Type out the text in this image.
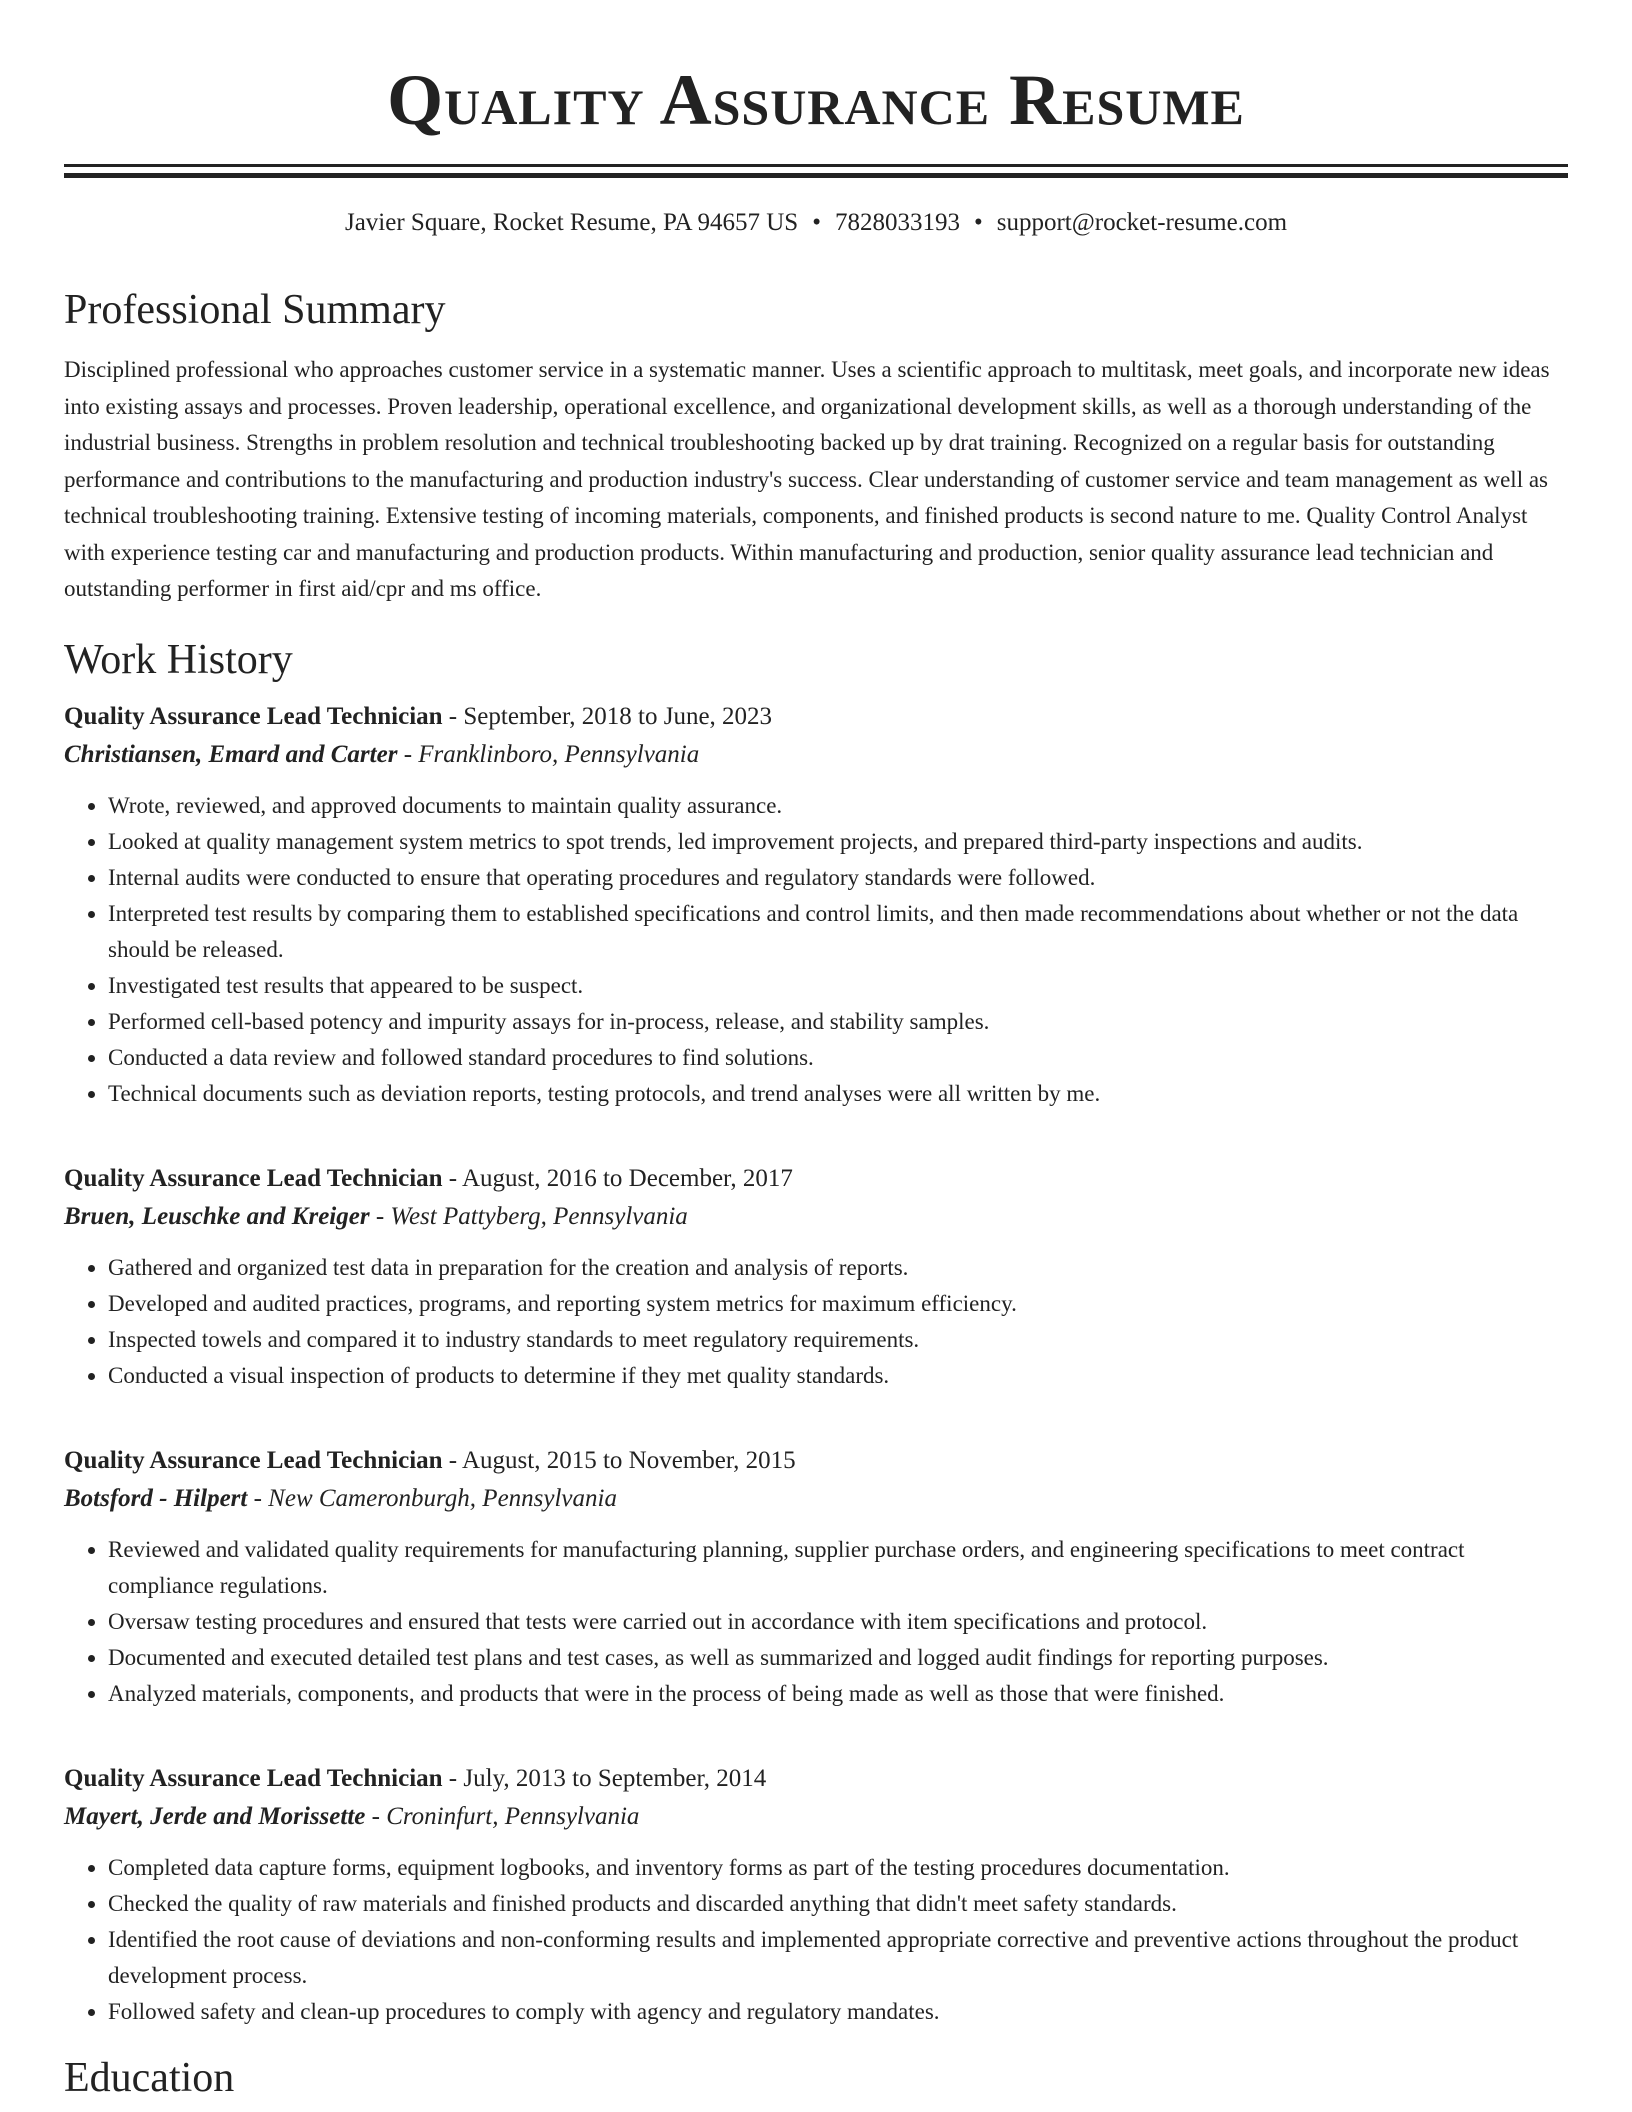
Quality Assurance Resume
Javier Square, Rocket Resume, PA 94657 US • 7828033193 • support@rocket-resume.com
Professional Summary
Disciplined professional who approaches customer service in a systematic manner. Uses a scientific approach to multitask, meet goals, and incorporate new ideas into existing assays and processes. Proven leadership, operational excellence, and organizational development skills, as well as a thorough understanding of the industrial business. Strengths in problem resolution and technical troubleshooting backed up by drat training. Recognized on a regular basis for outstanding performance and contributions to the manufacturing and production industry's success. Clear understanding of customer service and team management as well as technical troubleshooting training. Extensive testing of incoming materials, components, and finished products is second nature to me. Quality Control Analyst with experience testing car and manufacturing and production products. Within manufacturing and production, senior quality assurance lead technician and outstanding performer in first aid/cpr and ms office.
Work History
Quality Assurance Lead Technician - September, 2018 to June, 2023
Christiansen, Emard and Carter - Franklinboro, Pennsylvania
• Wrote, reviewed, and approved documents to maintain quality assurance.
• Looked at quality management system metrics to spot trends, led improvement projects, and prepared third-party inspections and audits.
• Internal audits were conducted to ensure that operating procedures and regulatory standards were followed.
• Interpreted test results by comparing them to established specifications and control limits, and then made recommendations about whether or not the data should be released.
• Investigated test results that appeared to be suspect.
• Performed cell-based potency and impurity assays for in-process, release, and stability samples.
• Conducted a data review and followed standard procedures to find solutions.
• Technical documents such as deviation reports, testing protocols, and trend analyses were all written by me.
Quality Assurance Lead Technician - August, 2016 to December, 2017
Bruen, Leuschke and Kreiger - West Pattyberg, Pennsylvania
• Gathered and organized test data in preparation for the creation and analysis of reports.
• Developed and audited practices, programs, and reporting system metrics for maximum efficiency.
• Inspected towels and compared it to industry standards to meet regulatory requirements.
• Conducted a visual inspection of products to determine if they met quality standards.
Quality Assurance Lead Technician - August, 2015 to November, 2015
Botsford - Hilpert - New Cameronburgh, Pennsylvania
• Reviewed and validated quality requirements for manufacturing planning, supplier purchase orders, and engineering specifications to meet contract compliance regulations.
• Oversaw testing procedures and ensured that tests were carried out in accordance with item specifications and protocol.
• Documented and executed detailed test plans and test cases, as well as summarized and logged audit findings for reporting purposes.
• Analyzed materials, components, and products that were in the process of being made as well as those that were finished.
Quality Assurance Lead Technician - July, 2013 to September, 2014
Mayert, Jerde and Morissette - Croninfurt, Pennsylvania
• Completed data capture forms, equipment logbooks, and inventory forms as part of the testing procedures documentation.
• Checked the quality of raw materials and finished products and discarded anything that didn't meet safety standards.
• Identified the root cause of deviations and non-conforming results and implemented appropriate corrective and preventive actions throughout the product development process.
• Followed safety and clean-up procedures to comply with agency and regulatory mandates.
Education
